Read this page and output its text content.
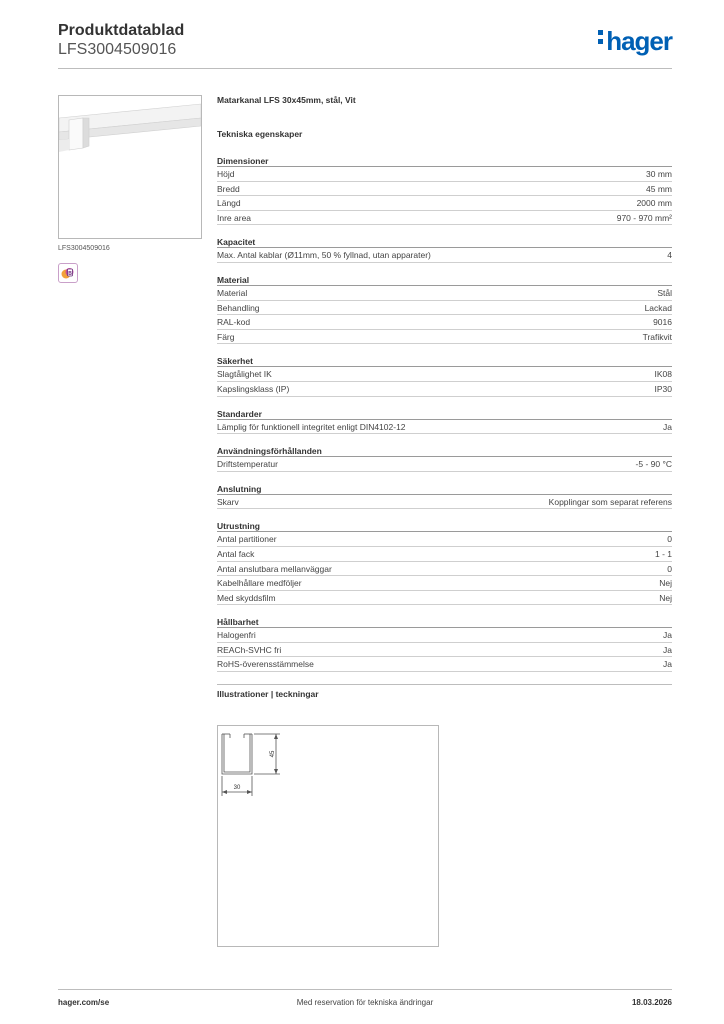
Produktdatablad
LFS3004509016	hager
LFS3004509016
B
Matarkanal LFS 30x45mm, stål, Vit
Tekniska egenskaper
Dimensioner
Höjd	30 mm
Bredd	45 mm
Längd	2000 mm
Inre area	970 - 970 mm²
Kapacitet
Max. Antal kablar (Ø11mm, 50 % fyllnad, utan apparater)	4
Material
Material	Stål
Behandling	Lackad
RAL-kod	9016
Färg	Trafikvit
Säkerhet
Slagtålighet IK	IK08
Kapslingsklass (IP)	IP30
Standarder
Lämplig för funktionell integritet enligt DIN4102-12	Ja
Användningsförhållanden
Driftstemperatur	-5 - 90 °C
Anslutning
Skarv	Kopplingar som separat referens
Utrustning
Antal partitioner	0
Antal fack	1 - 1
Antal anslutbara mellanväggar	0
Kabelhållare medföljer	Nej
Med skyddsfilm	Nej
Hållbarhet
Halogenfri	Ja
REACh-SVHC fri	Ja
RoHS-överensstämmelse	Ja
Illustrationer | teckningar
45
30
hager.com/se	Med reservation för tekniska ändringar	18.03.2026
